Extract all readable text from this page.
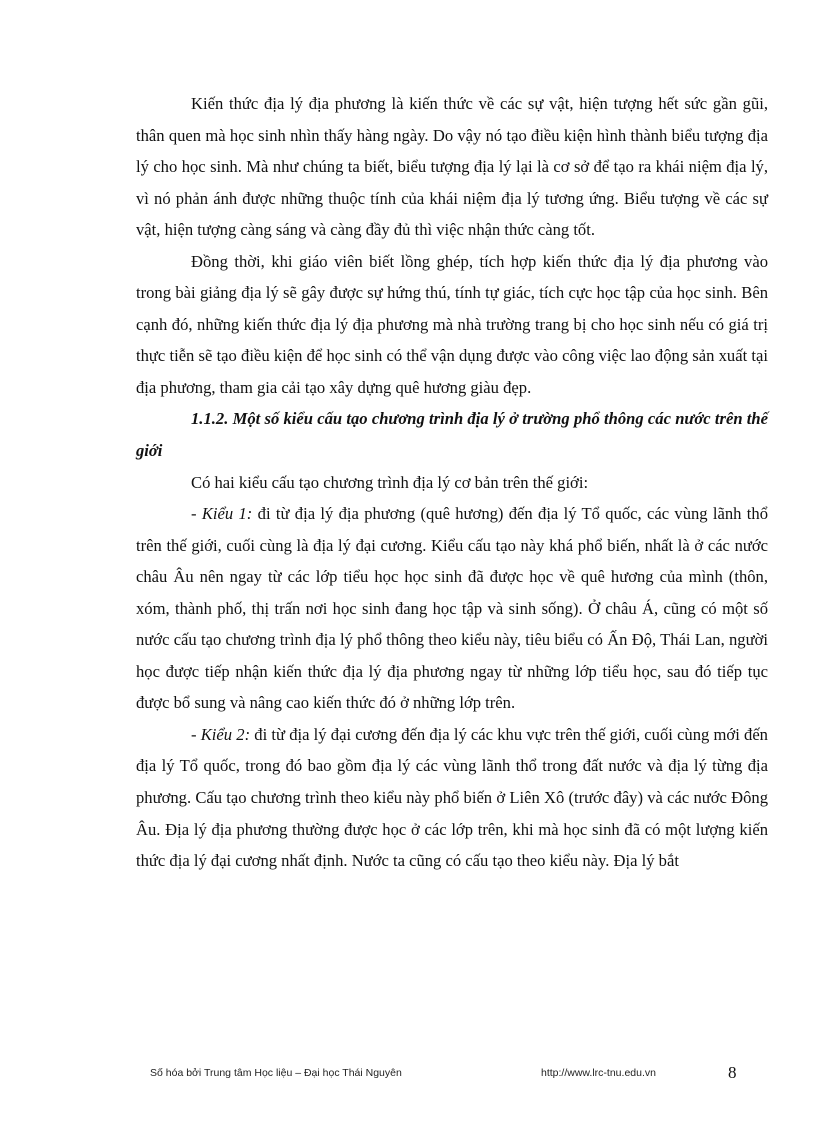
Kiến thức địa lý địa phương là kiến thức về các sự vật, hiện tượng hết sức gần gũi, thân quen mà học sinh nhìn thấy hàng ngày. Do vậy nó tạo điều kiện hình thành biểu tượng địa lý cho học sinh. Mà như chúng ta biết, biểu tượng địa lý lại là cơ sở để tạo ra khái niệm địa lý, vì nó phản ánh được những thuộc tính của khái niệm địa lý tương ứng. Biểu tượng về các sự vật, hiện tượng càng sáng và càng đầy đủ thì việc nhận thức càng tốt.

Đồng thời, khi giáo viên biết lồng ghép, tích hợp kiến thức địa lý địa phương vào trong bài giảng địa lý sẽ gây được sự hứng thú, tính tự giác, tích cực học tập của học sinh. Bên cạnh đó, những kiến thức địa lý địa phương mà nhà trường trang bị cho học sinh nếu có giá trị thực tiễn sẽ tạo điều kiện để học sinh có thể vận dụng được vào công việc lao động sản xuất tại địa phương, tham gia cải tạo xây dựng quê hương giàu đẹp.

1.1.2. Một số kiểu cấu tạo chương trình địa lý ở trường phổ thông các nước trên thế giới

Có hai kiểu cấu tạo chương trình địa lý cơ bản trên thế giới:

- Kiểu 1: đi từ địa lý địa phương (quê hương) đến địa lý Tổ quốc, các vùng lãnh thổ trên thế giới, cuối cùng là địa lý đại cương. Kiểu cấu tạo này khá phổ biến, nhất là ở các nước châu Âu nên ngay từ các lớp tiểu học học sinh đã được học về quê hương của mình (thôn, xóm, thành phố, thị trấn nơi học sinh đang học tập và sinh sống). Ở châu Á, cũng có một số nước cấu tạo chương trình địa lý phổ thông theo kiểu này, tiêu biểu có Ấn Độ, Thái Lan, người học được tiếp nhận kiến thức địa lý địa phương ngay từ những lớp tiểu học, sau đó tiếp tục được bổ sung và nâng cao kiến thức đó ở những lớp trên.

- Kiểu 2: đi từ địa lý đại cương đến địa lý các khu vực trên thế giới, cuối cùng mới đến địa lý Tổ quốc, trong đó bao gồm địa lý các vùng lãnh thổ trong đất nước và địa lý từng địa phương. Cấu tạo chương trình theo kiểu này phổ biến ở Liên Xô (trước đây) và các nước Đông Âu. Địa lý địa phương thường được học ở các lớp trên, khi mà học sinh đã có một lượng kiến thức địa lý đại cương nhất định. Nước ta cũng có cấu tạo theo kiểu này. Địa lý bắt

Số hóa bởi Trung tâm Học liệu – Đại học Thái Nguyên	http://www.lrc-tnu.edu.vn	8
